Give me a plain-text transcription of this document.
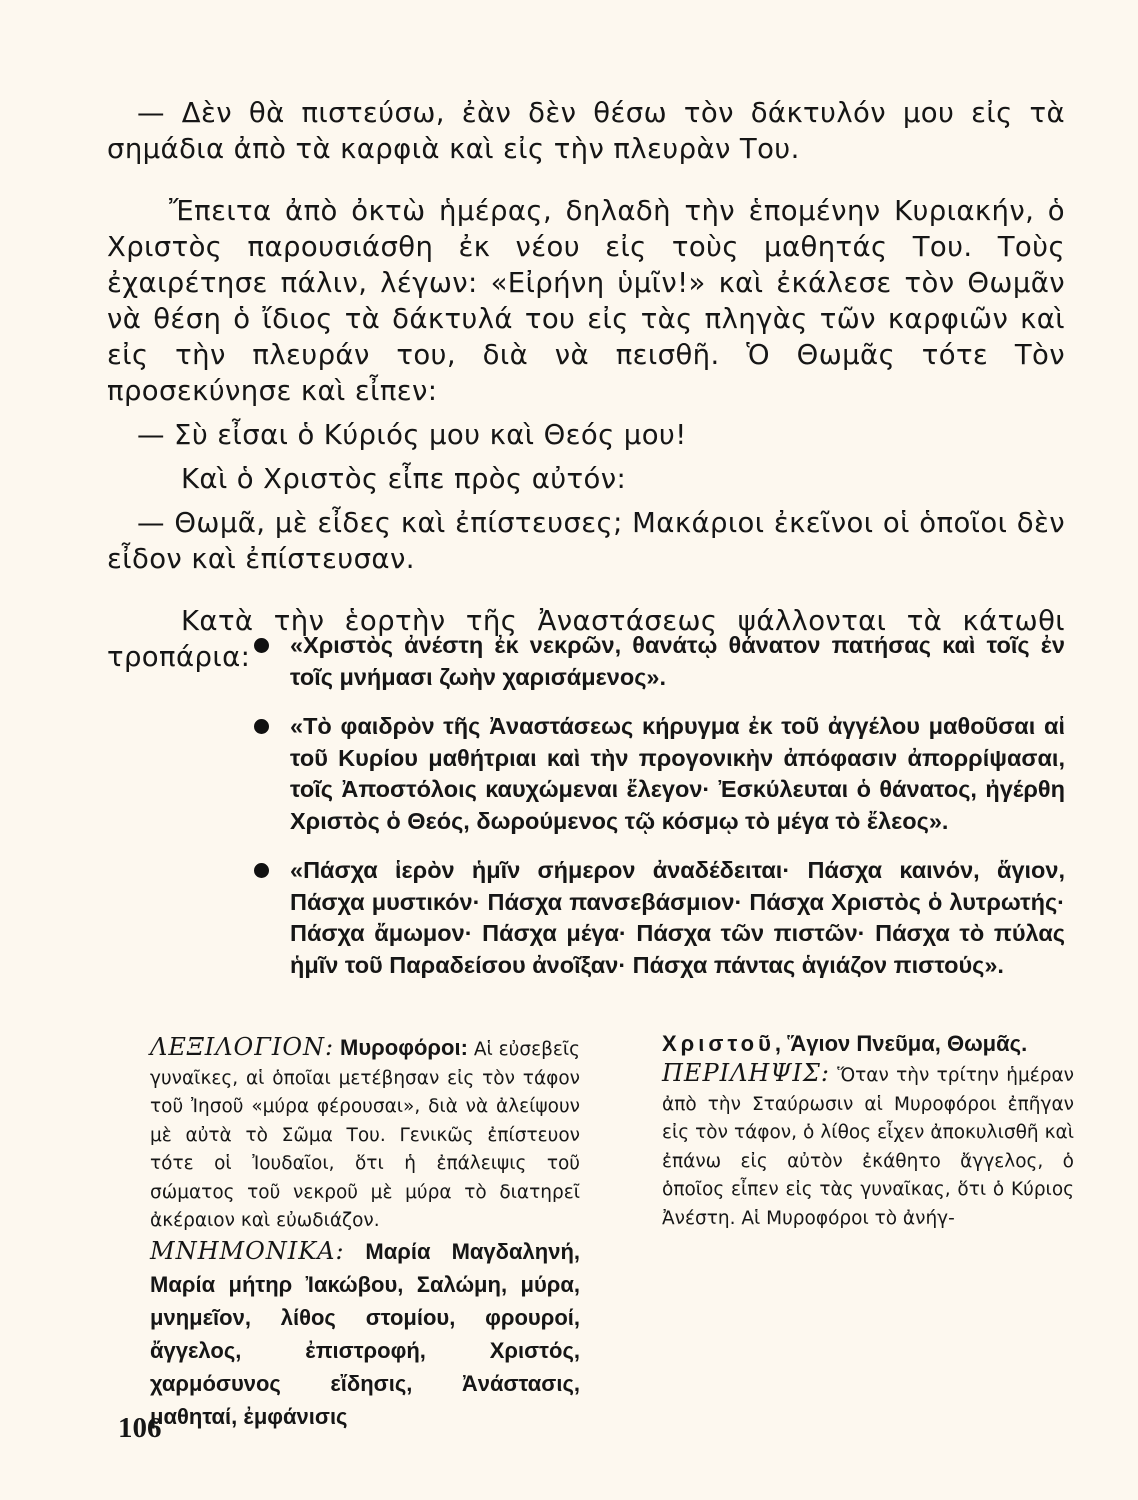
— Δὲν θὰ πιστεύσω, ἐὰν δὲν θέσω τὸν δάκτυλόν μου εἰς τὰ σημάδια ἀπὸ τὰ καρφιὰ καὶ εἰς τὴν πλευρὰν Του.

Ἔπειτα ἀπὸ ὀκτὼ ἡμέρας, δηλαδὴ τὴν ἑπομένην Κυριακήν, ὁ Χριστὸς παρουσιάσθη ἐκ νέου εἰς τοὺς μαθητάς Του. Τοὺς ἐχαιρέτησε πάλιν, λέγων: «Εἰρήνη ὑμῖν!» καὶ ἐκάλεσε τὸν Θωμᾶν νὰ θέση ὁ ἴδιος τὰ δάκτυλά του εἰς τὰς πληγὰς τῶν καρφιῶν καὶ εἰς τὴν πλευράν του, διὰ νὰ πεισθῆ. Ὁ Θωμᾶς τότε Τὸν προσεκύνησε καὶ εἶπεν:

— Σὺ εἶσαι ὁ Κύριός μου καὶ Θεός μου!

Καὶ ὁ Χριστὸς εἶπε πρὸς αὐτόν:

— Θωμᾶ, μὲ εἶδες καὶ ἐπίστευσες; Μακάριοι ἐκεῖνοι οἱ ὁποῖοι δὲν εἶδον καὶ ἐπίστευσαν.

Κατὰ τὴν ἑορτὴν τῆς Ἀναστάσεως ψάλλονται τὰ κάτωθι τροπάρια:	«Χριστὸς ἀνέστη ἐκ νεκρῶν, θανάτῳ θάνατον πατήσας καὶ τοῖς ἐν τοῖς μνήμασι ζωὴν χαρισάμενος».
«Τὸ φαιδρὸν τῆς Ἀναστάσεως κήρυγμα ἐκ τοῦ ἀγγέλου μαθοῦσαι αἱ τοῦ Κυρίου μαθήτριαι καὶ τὴν προγονικὴν ἀπόφασιν ἀπορρίψασαι, τοῖς Ἀποστόλοις καυχώμεναι ἔλεγον· Ἐσκύλευται ὁ θάνατος, ἠγέρθη Χριστὸς ὁ Θεός, δωρούμενος τῷ κόσμῳ τὸ μέγα τὸ ἔλεος».
«Πάσχα ἱερὸν ἡμῖν σήμερον ἀναδέδειται· Πάσχα καινόν, ἅγιον, Πάσχα μυστικόν· Πάσχα πανσεβάσμιον· Πάσχα Χριστὸς ὁ λυτρωτής· Πάσχα ἄμωμον· Πάσχα μέγα· Πάσχα τῶν πιστῶν· Πάσχα τὸ πύλας ἡμῖν τοῦ Παραδείσου ἀνοῖξαν· Πάσχα πάντας ἁγιάζον πιστούς».

ΛΕΞΙΛΟΓΙΟΝ: Μυροφόροι: Αἱ εὐσεβεῖς γυναῖκες, αἱ ὁποῖαι μετέβησαν εἰς τὸν τάφον τοῦ Ἰησοῦ «μύρα φέρουσαι», διὰ νὰ ἀλείψουν μὲ αὐτὰ τὸ Σῶμα Του. Γενικῶς ἐπίστευον τότε οἱ Ἰουδαῖοι, ὅτι ἡ ἐπάλειψις τοῦ σώματος τοῦ νεκροῦ μὲ μύρα τὸ διατηρεῖ ἀκέραιον καὶ εὐωδιάζον.

ΜΝΗΜΟΝΙΚΑ: Μαρία Μαγδαληνή, Μαρία μήτηρ Ἰακώβου, Σαλώμη, μύρα, μνημεῖον, λίθος στομίου, φρουροί, ἄγγελος, ἐπιστροφή, Χριστός, χαρμόσυνος εἴδησις, Ἀνάστασις, μαθηταί, ἐμφάνισις

Χριστοῦ, Ἅγιον Πνεῦμα, Θωμᾶς.

ΠΕΡΙΛΗΨΙΣ: Ὅταν τὴν τρίτην ἡμέραν ἀπὸ τὴν Σταύρωσιν αἱ Μυροφόροι ἐπῆγαν εἰς τὸν τάφον, ὁ λίθος εἶχεν ἀποκυλισθῆ καὶ ἐπάνω εἰς αὐτὸν ἐκάθητο ἄγγελος, ὁ ὁποῖος εἶπεν εἰς τὰς γυναῖκας, ὅτι ὁ Κύριος Ἀνέστη. Αἱ Μυροφόροι τὸ ἀνήγ-

106
